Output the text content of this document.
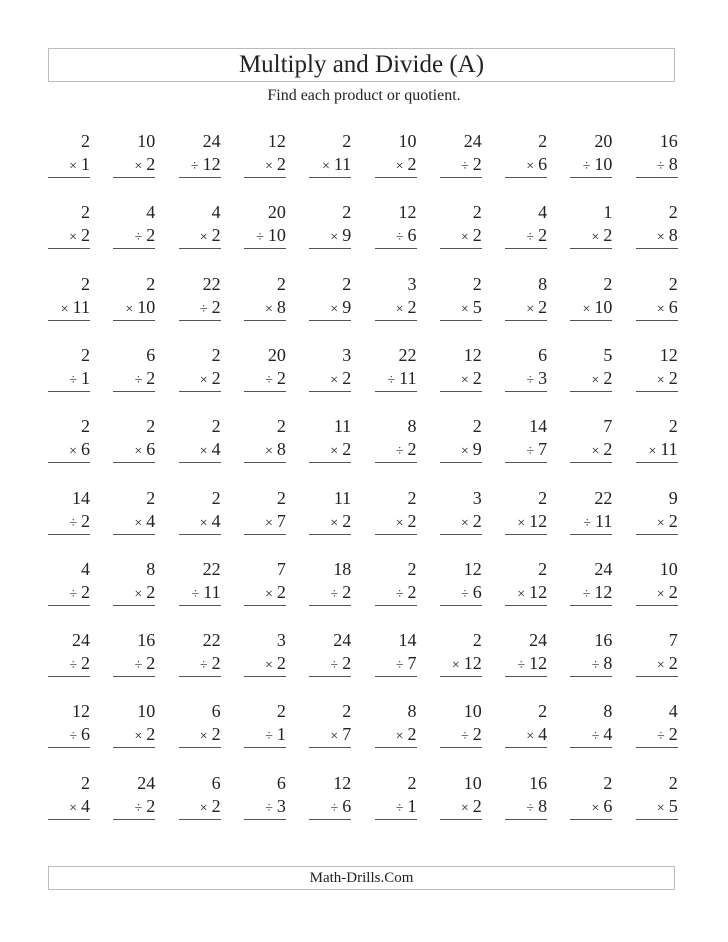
Multiply and Divide (A)
Find each product or quotient.
2
× 1
10
× 2
24
÷ 12
12
× 2
2
× 11
10
× 2
24
÷ 2
2
× 6
20
÷ 10
16
÷ 8
2
× 2
4
÷ 2
4
× 2
20
÷ 10
2
× 9
12
÷ 6
2
× 2
4
÷ 2
1
× 2
2
× 8
2
× 11
2
× 10
22
÷ 2
2
× 8
2
× 9
3
× 2
2
× 5
8
× 2
2
× 10
2
× 6
2
÷ 1
6
÷ 2
2
× 2
20
÷ 2
3
× 2
22
÷ 11
12
× 2
6
÷ 3
5
× 2
12
× 2
2
× 6
2
× 6
2
× 4
2
× 8
11
× 2
8
÷ 2
2
× 9
14
÷ 7
7
× 2
2
× 11
14
÷ 2
2
× 4
2
× 4
2
× 7
11
× 2
2
× 2
3
× 2
2
× 12
22
÷ 11
9
× 2
4
÷ 2
8
× 2
22
÷ 11
7
× 2
18
÷ 2
2
÷ 2
12
÷ 6
2
× 12
24
÷ 12
10
× 2
24
÷ 2
16
÷ 2
22
÷ 2
3
× 2
24
÷ 2
14
÷ 7
2
× 12
24
÷ 12
16
÷ 8
7
× 2
12
÷ 6
10
× 2
6
× 2
2
÷ 1
2
× 7
8
× 2
10
÷ 2
2
× 4
8
÷ 4
4
÷ 2
2
× 4
24
÷ 2
6
× 2
6
÷ 3
12
÷ 6
2
÷ 1
10
× 2
16
÷ 8
2
× 6
2
× 5
Math-Drills.Com
